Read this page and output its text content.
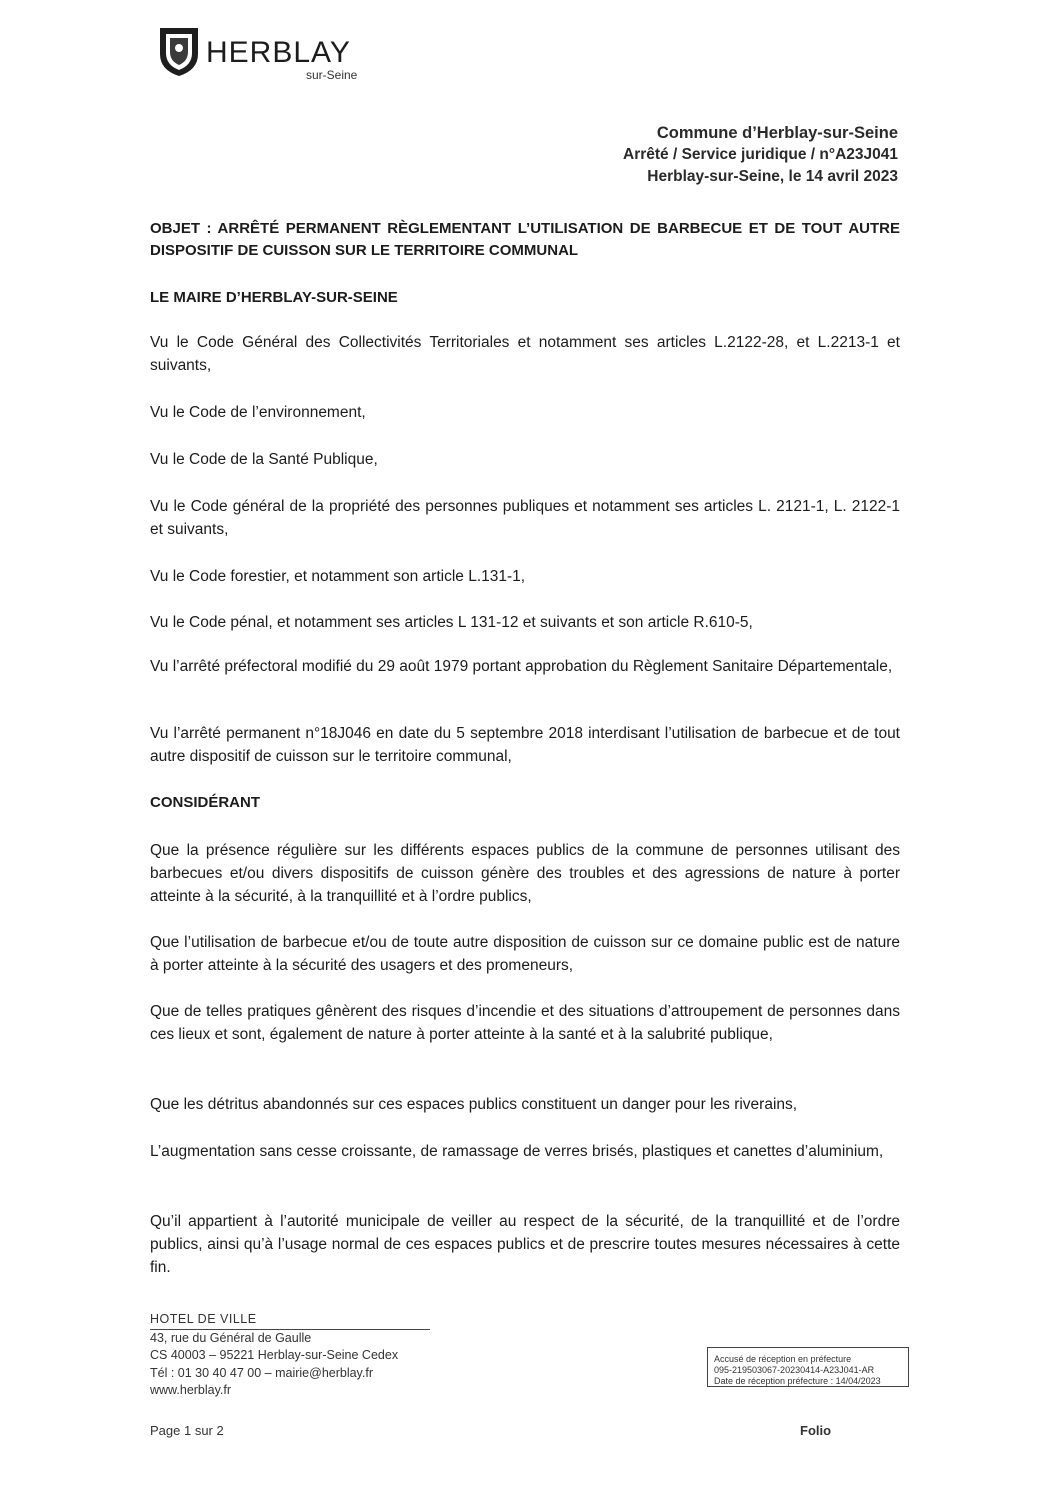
HERBLAY
sur-Seine
Commune d’Herblay-sur-Seine
Arrêté / Service juridique / n°A23J041
Herblay-sur-Seine, le 14 avril 2023
OBJET : ARRÊTÉ PERMANENT RÈGLEMENTANT L’UTILISATION DE BARBECUE ET DE TOUT AUTRE DISPOSITIF DE CUISSON SUR LE TERRITOIRE COMMUNAL
LE MAIRE D’HERBLAY-SUR-SEINE

Vu le Code Général des Collectivités Territoriales et notamment ses articles L.2122-28, et L.2213-1 et suivants,

Vu le Code de l’environnement,

Vu le Code de la Santé Publique,

Vu le Code général de la propriété des personnes publiques et notamment ses articles L. 2121-1, L. 2122-1 et suivants,

Vu le Code forestier, et notamment son article L.131-1,

Vu le Code pénal, et notamment ses articles L 131-12 et suivants et son article R.610-5,

Vu l’arrêté préfectoral modifié du 29 août 1979 portant approbation du Règlement Sanitaire Départementale,

Vu l’arrêté permanent n°18J046 en date du 5 septembre 2018 interdisant l’utilisation de barbecue et de tout autre dispositif de cuisson sur le territoire communal,

CONSIDÉRANT

Que la présence régulière sur les différents espaces publics de la commune de personnes utilisant des barbecues et/ou divers dispositifs de cuisson génère des troubles et des agressions de nature à porter atteinte à la sécurité, à la tranquillité et à l’ordre publics,

Que l’utilisation de barbecue et/ou de toute autre disposition de cuisson sur ce domaine public est de nature à porter atteinte à la sécurité des usagers et des promeneurs,

Que de telles pratiques gênèrent des risques d’incendie et des situations d’attroupement de personnes dans ces lieux et sont, également de nature à porter atteinte à la santé et à la salubrité publique,

Que les détritus abandonnés sur ces espaces publics constituent un danger pour les riverains,

L’augmentation sans cesse croissante, de ramassage de verres brisés, plastiques et canettes d’aluminium,

Qu’il appartient à l’autorité municipale de veiller au respect de la sécurité, de la tranquillité et de l’ordre publics, ainsi qu’à l’usage normal de ces espaces publics et de prescrire toutes mesures nécessaires à cette fin.

HOTEL DE VILLE
43, rue du Général de Gaulle
CS 40003 – 95221 Herblay-sur-Seine Cedex
Tél : 01 30 40 47 00 – mairie@herblay.fr
www.herblay.fr
Accusé de réception en préfecture
095-219503067-20230414-A23J041-AR
Date de réception préfecture : 14/04/2023
Page 1 sur 2	Folio
